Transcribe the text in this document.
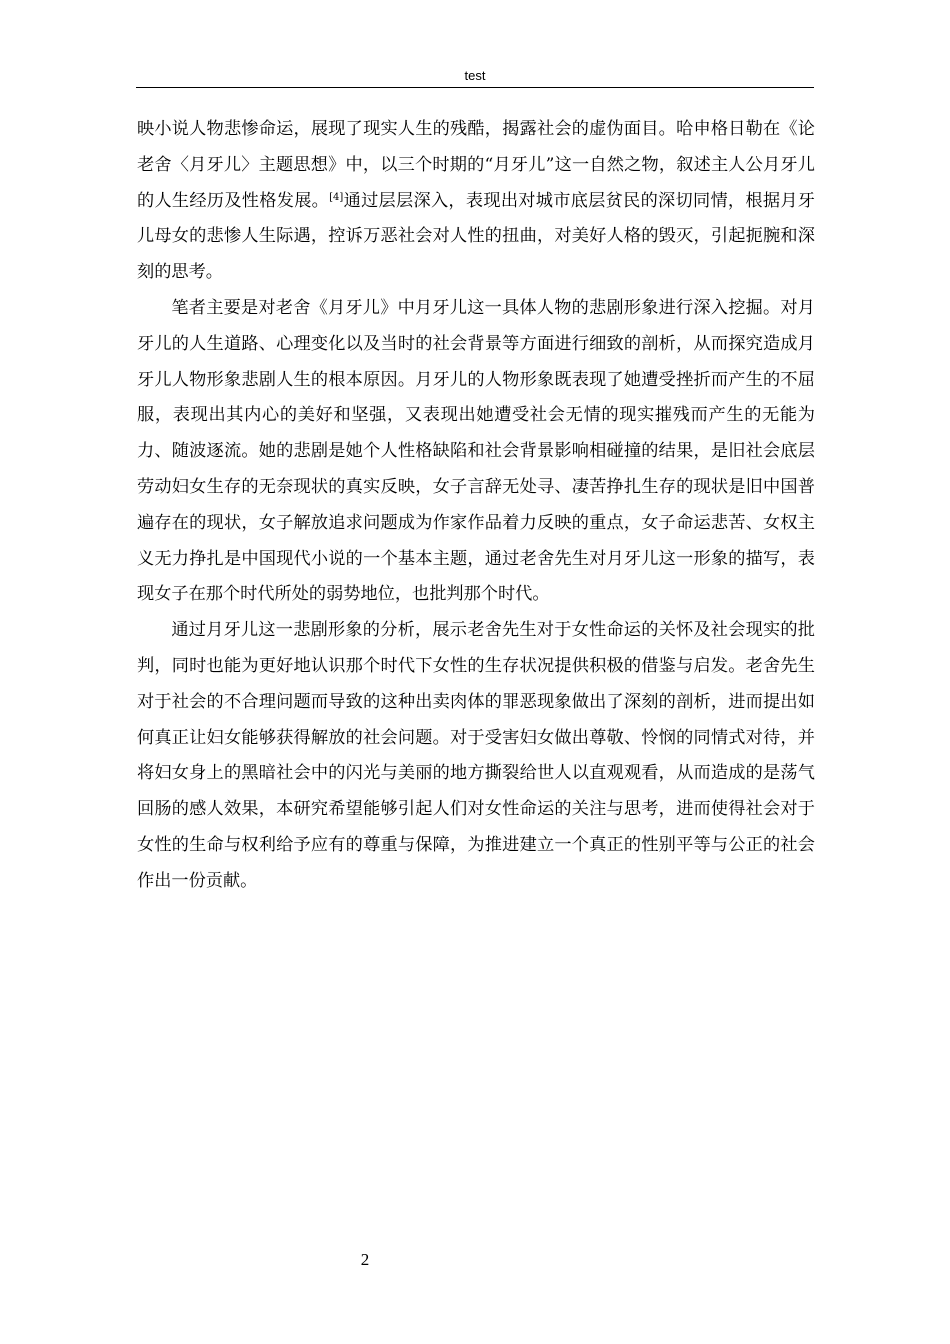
test

映小说人物悲惨命运，展现了现实人生的残酷，揭露社会的虚伪面目。哈申格日勒在《论老舍〈月牙儿〉主题思想》中，以三个时期的“月牙儿”这一自然之物，叙述主人公月牙儿的人生经历及性格发展。[4]通过层层深入，表现出对城市底层贫民的深切同情，根据月牙儿母女的悲惨人生际遇，控诉万恶社会对人性的扭曲，对美好人格的毁灭，引起扼腕和深刻的思考。

笔者主要是对老舍《月牙儿》中月牙儿这一具体人物的悲剧形象进行深入挖掘。对月牙儿的人生道路、心理变化以及当时的社会背景等方面进行细致的剖析，从而探究造成月牙儿人物形象悲剧人生的根本原因。月牙儿的人物形象既表现了她遭受挫折而产生的不屈服，表现出其内心的美好和坚强，又表现出她遭受社会无情的现实摧残而产生的无能为力、随波逐流。她的悲剧是她个人性格缺陷和社会背景影响相碰撞的结果，是旧社会底层劳动妇女生存的无奈现状的真实反映，女子言辞无处寻、凄苦挣扎生存的现状是旧中国普遍存在的现状，女子解放追求问题成为作家作品着力反映的重点，女子命运悲苦、女权主义无力挣扎是中国现代小说的一个基本主题，通过老舍先生对月牙儿这一形象的描写，表现女子在那个时代所处的弱势地位，也批判那个时代。

通过月牙儿这一悲剧形象的分析，展示老舍先生对于女性命运的关怀及社会现实的批判，同时也能为更好地认识那个时代下女性的生存状况提供积极的借鉴与启发。老舍先生对于社会的不合理问题而导致的这种出卖肉体的罪恶现象做出了深刻的剖析，进而提出如何真正让妇女能够获得解放的社会问题。对于受害妇女做出尊敬、怜悯的同情式对待，并将妇女身上的黑暗社会中的闪光与美丽的地方撕裂给世人以直观观看，从而造成的是荡气回肠的感人效果，本研究希望能够引起人们对女性命运的关注与思考，进而使得社会对于女性的生命与权利给予应有的尊重与保障，为推进建立一个真正的性别平等与公正的社会作出一份贡献。

2
